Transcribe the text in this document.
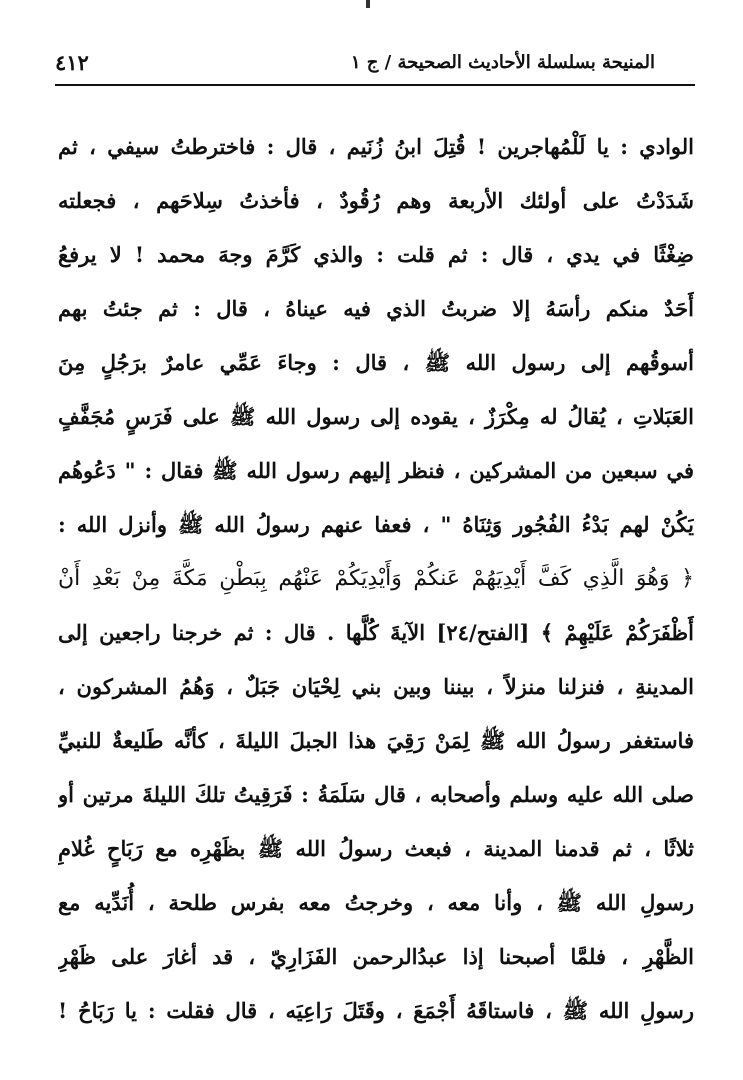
المنيحة بسلسلة الأحاديث الصحيحة / ج ١
٤١٢
الوادي : يا لَلْمُهاجرين ! قُتِلَ ابنُ زُنَيم ، قال : فاخترطتُ سيفي ، ثم
شَدَدْتُ على أولئك الأربعة وهم رُقُودٌ ، فأخذتُ سِلاحَهم ، فجعلته
ضِغْثًا في يدي ، قال : ثم قلت : والذي كَرَّمَ وجهَ محمد ! لا يرفعُ
أَحَدٌ منكم رأسَهُ إلا ضربتُ الذي فيه عيناهُ ، قال : ثم جئتُ بهم
أسوقُهم إلى رسول الله ﷺ ، قال : وجاءَ عَمِّي عامرٌ برَجُلٍ مِنَ
العَبَلاتِ ، يُقالُ له مِكْرَزٌ ، يقوده إلى رسول الله ﷺ على فَرَسٍ مُجَفَّفٍ
في سبعين من المشركين ، فنظر إليهم رسول الله ﷺ فقال : " دَعُوهُم
يَكُنْ لهم بَدْءُ الفُجُور وَثِنَاهُ " ، فعفا عنهم رسولُ الله ﷺ وأنزل الله :
﴿ وَهُوَ الَّذِي كَفَّ أَيْدِيَهُمْ عَنكُمْ وَأَيْدِيَكُمْ عَنْهُم بِبَطْنِ مَكَّةَ مِنْ بَعْدِ أَنْ
أَظْفَرَكُمْ عَلَيْهِمْ ﴾ [الفتح/٢٤] الآيةَ كُلَّها . قال : ثم خرجنا راجعين إلى
المدينةِ ، فنزلنا منزلاً ، بيننا وبين بني لِحْيَان جَبَلٌ ، وَهُمُ المشركون ،
فاستغفر رسولُ الله ﷺ لِمَنْ رَقِيَ هذا الجبلَ الليلةَ ، كأنَّه طَليعةٌ للنبيِّ
صلى الله عليه وسلم وأصحابه ، قال سَلَمَةُ : فَرَقِيتُ تلكَ الليلةَ مرتين أو
ثلاثًا ، ثم قدمنا المدينة ، فبعث رسولُ الله ﷺ بظَهْرِه مع رَبَاحٍ غُلامِ
رسولِ الله ﷺ ، وأنا معه ، وخرجتُ معه بفرس طلحة ، أُنَدِّيه مع
الظَّهْرِ ، فلمَّا أصبحنا إذا عبدُالرحمن الفَزَارِيّ ، قد أغارَ على ظَهْرِ
رسولِ الله ﷺ ، فاستاقَهُ أَجْمَعَ ، وقَتَلَ رَاعِيَه ، قال فقلت : يا رَبَاحُ !
